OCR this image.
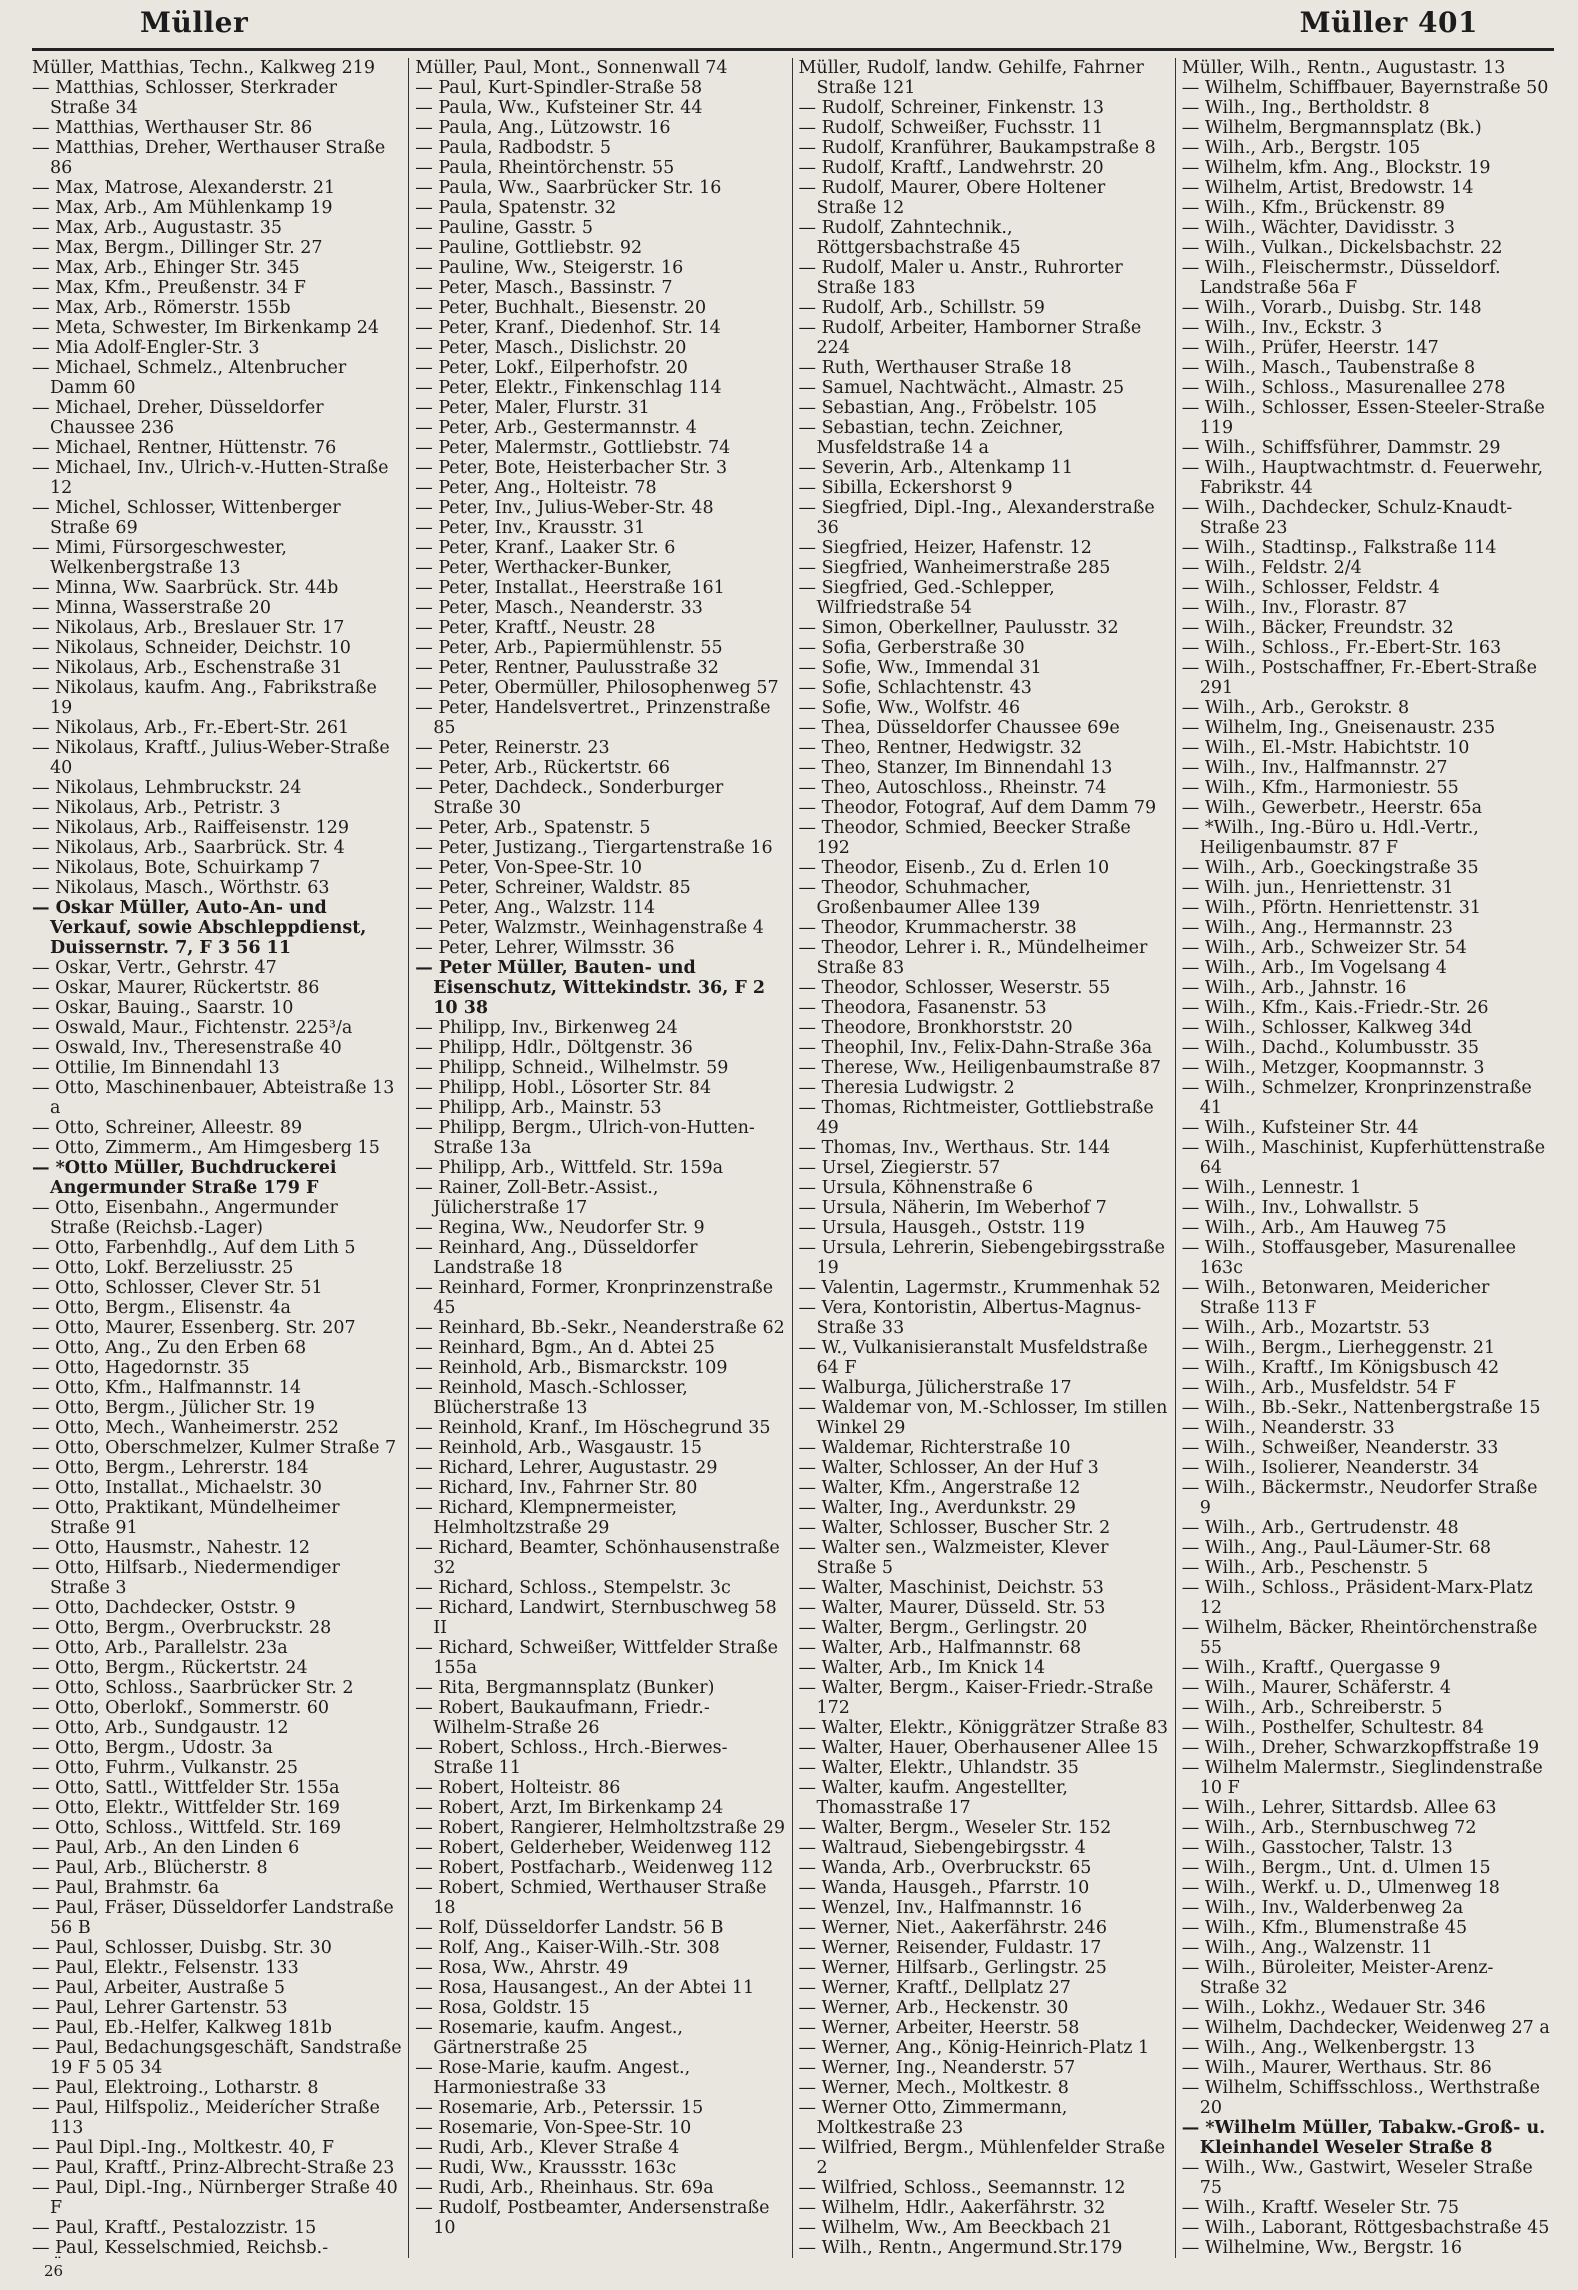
Müller	Müller 401
Müller, Matthias, Techn., Kalkweg 219
— Matthias, Schlosser, Sterkrader Straße 34
— Matthias, Werthauser Str. 86
— Matthias, Dreher, Werthauser Straße 86
— Max, Matrose, Alexanderstr. 21
— Max, Arb., Am Mühlenkamp 19
— Max, Arb., Augustastr. 35
— Max, Bergm., Dillinger Str. 27
— Max, Arb., Ehinger Str. 345
— Max, Kfm., Preußenstr. 34 F
— Max, Arb., Römerstr. 155b
— Meta, Schwester, Im Birkenkamp 24
— Mia Adolf-Engler-Str. 3
— Michael, Schmelz., Altenbrucher Damm 60
— Michael, Dreher, Düsseldorfer Chaussee 236
— Michael, Rentner, Hüttenstr. 76
— Michael, Inv., Ulrich-v.-Hutten-Straße 12
— Michel, Schlosser, Wittenberger Straße 69
— Mimi, Fürsorgeschwester, Welkenbergstraße 13
— Minna, Ww. Saarbrück. Str. 44b
— Minna, Wasserstraße 20
— Nikolaus, Arb., Breslauer Str. 17
— Nikolaus, Schneider, Deichstr. 10
— Nikolaus, Arb., Eschenstraße 31
— Nikolaus, kaufm. Ang., Fabrikstraße 19
— Nikolaus, Arb., Fr.-Ebert-Str. 261
— Nikolaus, Kraftf., Julius-Weber-Straße 40
— Nikolaus, Lehmbruckstr. 24
— Nikolaus, Arb., Petristr. 3
— Nikolaus, Arb., Raiffeisenstr. 129
— Nikolaus, Arb., Saarbrück. Str. 4
— Nikolaus, Bote, Schuirkamp 7
— Nikolaus, Masch., Wörthstr. 63
— Oskar Müller, Auto-An- und Verkauf, sowie Abschleppdienst, Duissernstr. 7, F 3 56 11
— Oskar, Vertr., Gehrstr. 47
— Oskar, Maurer, Rückertstr. 86
— Oskar, Bauing., Saarstr. 10
— Oswald, Maur., Fichtenstr. 225³/a
— Oswald, Inv., Theresenstraße 40
— Ottilie, Im Binnendahl 13
— Otto, Maschinenbauer, Abteistraße 13 a
— Otto, Schreiner, Alleestr. 89
— Otto, Zimmerm., Am Himgesberg 15
— *Otto Müller, Buchdruckerei Angermunder Straße 179 F
— Otto, Eisenbahn., Angermunder Straße (Reichsb.-Lager)
— Otto, Farbenhdlg., Auf dem Lith 5
— Otto, Lokf. Berzeliusstr. 25
— Otto, Schlosser, Clever Str. 51
— Otto, Bergm., Elisenstr. 4a
— Otto, Maurer, Essenberg. Str. 207
— Otto, Ang., Zu den Erben 68
— Otto, Hagedornstr. 35
— Otto, Kfm., Halfmannstr. 14
— Otto, Bergm., Jülicher Str. 19
— Otto, Mech., Wanheimerstr. 252
— Otto, Oberschmelzer, Kulmer Straße 7
— Otto, Bergm., Lehrerstr. 184
— Otto, Installat., Michaelstr. 30
— Otto, Praktikant, Mündelheimer Straße 91
— Otto, Hausmstr., Nahestr. 12
— Otto, Hilfsarb., Niedermendiger Straße 3
— Otto, Dachdecker, Oststr. 9
— Otto, Bergm., Overbruckstr. 28
— Otto, Arb., Parallelstr. 23a
— Otto, Bergm., Rückertstr. 24
— Otto, Schloss., Saarbrücker Str. 2
— Otto, Oberlokf., Sommerstr. 60
— Otto, Arb., Sundgaustr. 12
— Otto, Bergm., Udostr. 3a
— Otto, Fuhrm., Vulkanstr. 25
— Otto, Sattl., Wittfelder Str. 155a
— Otto, Elektr., Wittfelder Str. 169
— Otto, Schloss., Wittfeld. Str. 169
— Paul, Arb., An den Linden 6
— Paul, Arb., Blücherstr. 8
— Paul, Brahmstr. 6a
— Paul, Fräser, Düsseldorfer Landstraße 56 B
— Paul, Schlosser, Duisbg. Str. 30
— Paul, Elektr., Felsenstr. 133
— Paul, Arbeiter, Austraße 5
— Paul, Lehrer Gartenstr. 53
— Paul, Eb.-Helfer, Kalkweg 181b
— Paul, Bedachungsgeschäft, Sandstraße 19 F 5 05 34
— Paul, Elektroing., Lotharstr. 8
— Paul, Hilfspoliz., Meiderícher Straße 113
— Paul Dipl.-Ing., Moltkestr. 40, F
— Paul, Kraftf., Prinz-Albrecht-Straße 23
— Paul, Dipl.-Ing., Nürnberger Straße 40 F
— Paul, Kraftf., Pestalozzistr. 15
— Paul, Kesselschmied, Reichsb.-
Müller, Paul, Mont., Sonnenwall 74
— Paul, Kurt-Spindler-Straße 58
— Paula, Ww., Kufsteiner Str. 44
— Paula, Ang., Lützowstr. 16
— Paula, Radbodstr. 5
— Paula, Rheintörchenstr. 55
— Paula, Ww., Saarbrücker Str. 16
— Paula, Spatenstr. 32
— Pauline, Gasstr. 5
— Pauline, Gottliebstr. 92
— Pauline, Ww., Steigerstr. 16
— Peter, Masch., Bassinstr. 7
— Peter, Buchhalt., Biesenstr. 20
— Peter, Kranf., Diedenhof. Str. 14
— Peter, Masch., Dislichstr. 20
— Peter, Lokf., Eilperhofstr. 20
— Peter, Elektr., Finkenschlag 114
— Peter, Maler, Flurstr. 31
— Peter, Arb., Gestermannstr. 4
— Peter, Malermstr., Gottliebstr. 74
— Peter, Bote, Heisterbacher Str. 3
— Peter, Ang., Holteistr. 78
— Peter, Inv., Julius-Weber-Str. 48
— Peter, Inv., Krausstr. 31
— Peter, Kranf., Laaker Str. 6
— Peter, Werthacker-Bunker,
— Peter, Installat., Heerstraße 161
— Peter, Masch., Neanderstr. 33
— Peter, Kraftf., Neustr. 28
— Peter, Arb., Papiermühlenstr. 55
— Peter, Rentner, Paulusstraße 32
— Peter, Obermüller, Philosophenweg 57
— Peter, Handelsvertret., Prinzenstraße 85
— Peter, Reinerstr. 23
— Peter, Arb., Rückertstr. 66
— Peter, Dachdeck., Sonderburger Straße 30
— Peter, Arb., Spatenstr. 5
— Peter, Justizang., Tiergartenstraße 16
— Peter, Von-Spee-Str. 10
— Peter, Schreiner, Waldstr. 85
— Peter, Ang., Walzstr. 114
— Peter, Walzmstr., Weinhagenstraße 4
— Peter, Lehrer, Wilmsstr. 36
— Peter Müller, Bauten- und Eisenschutz, Wittekindstr. 36, F 2 10 38
— Philipp, Inv., Birkenweg 24
— Philipp, Hdlr., Döltgenstr. 36
— Philipp, Schneid., Wilhelmstr. 59
— Philipp, Hobl., Lösorter Str. 84
— Philipp, Arb., Mainstr. 53
— Philipp, Bergm., Ulrich-von-Hutten-Straße 13a
— Philipp, Arb., Wittfeld. Str. 159a
— Rainer, Zoll-Betr.-Assist., Jülicherstraße 17
— Regina, Ww., Neudorfer Str. 9
— Reinhard, Ang., Düsseldorfer Landstraße 18
— Reinhard, Former, Kronprinzenstraße 45
— Reinhard, Bb.-Sekr., Neanderstraße 62
— Reinhard, Bgm., An d. Abtei 25
— Reinhold, Arb., Bismarckstr. 109
— Reinhold, Masch.-Schlosser, Blücherstraße 13
— Reinhold, Kranf., Im Höschegrund 35
— Reinhold, Arb., Wasgaustr. 15
— Richard, Lehrer, Augustastr. 29
— Richard, Inv., Fahrner Str. 80
— Richard, Klempnermeister, Helmholtzstraße 29
— Richard, Beamter, Schönhausenstraße 32
— Richard, Schloss., Stempelstr. 3c
— Richard, Landwirt, Sternbuschweg 58 II
— Richard, Schweißer, Wittfelder Straße 155a
— Rita, Bergmannsplatz (Bunker)
— Robert, Baukaufmann, Friedr.-Wilhelm-Straße 26
— Robert, Schloss., Hrch.-Bierwes-Straße 11
— Robert, Holteistr. 86
— Robert, Arzt, Im Birkenkamp 24
— Robert, Rangierer, Helmholtzstraße 29
— Robert, Gelderheber, Weidenweg 112
— Robert, Postfacharb., Weidenweg 112
— Robert, Schmied, Werthauser Straße 18
— Rolf, Düsseldorfer Landstr. 56 B
— Rolf, Ang., Kaiser-Wilh.-Str. 308
— Rosa, Ww., Ahrstr. 49
— Rosa, Hausangest., An der Abtei 11
— Rosa, Goldstr. 15
— Rosemarie, kaufm. Angest., Gärtnerstraße 25
— Rose-Marie, kaufm. Angest., Harmoniestraße 33
— Rosemarie, Arb., Peterssir. 15
— Rosemarie, Von-Spee-Str. 10
— Rudi, Arb., Klever Straße 4
— Rudi, Ww., Kraussstr. 163c
— Rudi, Arb., Rheinhaus. Str. 69a
— Rudolf, Postbeamter, Andersenstraße 10
Müller, Rudolf, landw. Gehilfe, Fahrner Straße 121
— Rudolf, Schreiner, Finkenstr. 13
— Rudolf, Schweißer, Fuchsstr. 11
— Rudolf, Kranführer, Baukampstraße 8
— Rudolf, Kraftf., Landwehrstr. 20
— Rudolf, Maurer, Obere Holtener Straße 12
— Rudolf, Zahntechnik., Röttgersbachstraße 45
— Rudolf, Maler u. Anstr., Ruhrorter Straße 183
— Rudolf, Arb., Schillstr. 59
— Rudolf, Arbeiter, Hamborner Straße 224
— Ruth, Werthauser Straße 18
— Samuel, Nachtwächt., Almastr. 25
— Sebastian, Ang., Fröbelstr. 105
— Sebastian, techn. Zeichner, Musfeldstraße 14 a
— Severin, Arb., Altenkamp 11
— Sibilla, Eckershorst 9
— Siegfried, Dipl.-Ing., Alexanderstraße 36
— Siegfried, Heizer, Hafenstr. 12
— Siegfried, Wanheimerstraße 285
— Siegfried, Ged.-Schlepper, Wilfriedstraße 54
— Simon, Oberkellner, Paulusstr. 32
— Sofia, Gerberstraße 30
— Sofie, Ww., Immendal 31
— Sofie, Schlachtenstr. 43
— Sofie, Ww., Wolfstr. 46
— Thea, Düsseldorfer Chaussee 69e
— Theo, Rentner, Hedwigstr. 32
— Theo, Stanzer, Im Binnendahl 13
— Theo, Autoschloss., Rheinstr. 74
— Theodor, Fotograf, Auf dem Damm 79
— Theodor, Schmied, Beecker Straße 192
— Theodor, Eisenb., Zu d. Erlen 10
— Theodor, Schuhmacher, Großenbaumer Allee 139
— Theodor, Krummacherstr. 38
— Theodor, Lehrer i. R., Mündelheimer Straße 83
— Theodor, Schlosser, Weserstr. 55
— Theodora, Fasanenstr. 53
— Theodore, Bronkhorststr. 20
— Theophil, Inv., Felix-Dahn-Straße 36a
— Therese, Ww., Heiligenbaumstraße 87
— Theresia Ludwigstr. 2
— Thomas, Richtmeister, Gottliebstraße 49
— Thomas, Inv., Werthaus. Str. 144
— Ursel, Ziegierstr. 57
— Ursula, Köhnenstraße 6
— Ursula, Näherin, Im Weberhof 7
— Ursula, Hausgeh., Oststr. 119
— Ursula, Lehrerin, Siebengebirgsstraße 19
— Valentin, Lagermstr., Krummenhak 52
— Vera, Kontoristin, Albertus-Magnus-Straße 33
— W., Vulkanisieranstalt Musfeldstraße 64 F
— Walburga, Jülicherstraße 17
— Waldemar von, M.-Schlosser, Im stillen Winkel 29
— Waldemar, Richterstraße 10
— Walter, Schlosser, An der Huf 3
— Walter, Kfm., Angerstraße 12
— Walter, Ing., Averdunkstr. 29
— Walter, Schlosser, Buscher Str. 2
— Walter sen., Walzmeister, Klever Straße 5
— Walter, Maschinist, Deichstr. 53
— Walter, Maurer, Düsseld. Str. 53
— Walter, Bergm., Gerlingstr. 20
— Walter, Arb., Halfmannstr. 68
— Walter, Arb., Im Knick 14
— Walter, Bergm., Kaiser-Friedr.-Straße 172
— Walter, Elektr., Königgrätzer Straße 83
— Walter, Hauer, Oberhausener Allee 15
— Walter, Elektr., Uhlandstr. 35
— Walter, kaufm. Angestellter, Thomasstraße 17
— Walter, Bergm., Weseler Str. 152
— Waltraud, Siebengebirgsstr. 4
— Wanda, Arb., Overbruckstr. 65
— Wanda, Hausgeh., Pfarrstr. 10
— Wenzel, Inv., Halfmannstr. 16
— Werner, Niet., Aakerfährstr. 246
— Werner, Reisender, Fuldastr. 17
— Werner, Hilfsarb., Gerlingstr. 25
— Werner, Kraftf., Dellplatz 27
— Werner, Arb., Heckenstr. 30
— Werner, Arbeiter, Heerstr. 58
— Werner, Ang., König-Heinrich-Platz 1
— Werner, Ing., Neanderstr. 57
— Werner, Mech., Moltkestr. 8
— Werner Otto, Zimmermann, Moltkestraße 23
— Wilfried, Bergm., Mühlenfelder Straße 2
— Wilfried, Schloss., Seemannstr. 12
— Wilhelm, Hdlr., Aakerfährstr. 32
— Wilhelm, Ww., Am Beeckbach 21
— Wilh., Rentn., Angermund.Str.179
Müller, Wilh., Rentn., Augustastr. 13
— Wilhelm, Schiffbauer, Bayernstraße 50
— Wilh., Ing., Bertholdstr. 8
— Wilhelm, Bergmannsplatz (Bk.)
— Wilh., Arb., Bergstr. 105
— Wilhelm, kfm. Ang., Blockstr. 19
— Wilhelm, Artist, Bredowstr. 14
— Wilh., Kfm., Brückenstr. 89
— Wilh., Wächter, Davidisstr. 3
— Wilh., Vulkan., Dickelsbachstr. 22
— Wilh., Fleischermstr., Düsseldorf. Landstraße 56a F
— Wilh., Vorarb., Duisbg. Str. 148
— Wilh., Inv., Eckstr. 3
— Wilh., Prüfer, Heerstr. 147
— Wilh., Masch., Taubenstraße 8
— Wilh., Schloss., Masurenallee 278
— Wilh., Schlosser, Essen-Steeler-Straße 119
— Wilh., Schiffsführer, Dammstr. 29
— Wilh., Hauptwachtmstr. d. Feuerwehr, Fabrikstr. 44
— Wilh., Dachdecker, Schulz-Knaudt-Straße 23
— Wilh., Stadtinsp., Falkstraße 114
— Wilh., Feldstr. 2/4
— Wilh., Schlosser, Feldstr. 4
— Wilh., Inv., Florastr. 87
— Wilh., Bäcker, Freundstr. 32
— Wilh., Schloss., Fr.-Ebert-Str. 163
— Wilh., Postschaffner, Fr.-Ebert-Straße 291
— Wilh., Arb., Gerokstr. 8
— Wilhelm, Ing., Gneisenaustr. 235
— Wilh., El.-Mstr. Habichtstr. 10
— Wilh., Inv., Halfmannstr. 27
— Wilh., Kfm., Harmoniestr. 55
— Wilh., Gewerbetr., Heerstr. 65a
— *Wilh., Ing.-Büro u. Hdl.-Vertr., Heiligenbaumstr. 87 F
— Wilh., Arb., Goeckingstraße 35
— Wilh. jun., Henriettenstr. 31
— Wilh., Pförtn. Henriettenstr. 31
— Wilh., Ang., Hermannstr. 23
— Wilh., Arb., Schweizer Str. 54
— Wilh., Arb., Im Vogelsang 4
— Wilh., Arb., Jahnstr. 16
— Wilh., Kfm., Kais.-Friedr.-Str. 26
— Wilh., Schlosser, Kalkweg 34d
— Wilh., Dachd., Kolumbusstr. 35
— Wilh., Metzger, Koopmannstr. 3
— Wilh., Schmelzer, Kronprinzenstraße 41
— Wilh., Kufsteiner Str. 44
— Wilh., Maschinist, Kupferhüttenstraße 64
— Wilh., Lennestr. 1
— Wilh., Inv., Lohwallstr. 5
— Wilh., Arb., Am Hauweg 75
— Wilh., Stoffausgeber, Masurenallee 163c
— Wilh., Betonwaren, Meidericher Straße 113 F
— Wilh., Arb., Mozartstr. 53
— Wilh., Bergm., Lierheggenstr. 21
— Wilh., Kraftf., Im Königsbusch 42
— Wilh., Arb., Musfeldstr. 54 F
— Wilh., Bb.-Sekr., Nattenbergstraße 15
— Wilh., Neanderstr. 33
— Wilh., Schweißer, Neanderstr. 33
— Wilh., Isolierer, Neanderstr. 34
— Wilh., Bäckermstr., Neudorfer Straße 9
— Wilh., Arb., Gertrudenstr. 48
— Wilh., Ang., Paul-Läumer-Str. 68
— Wilh., Arb., Peschenstr. 5
— Wilh., Schloss., Präsident-Marx-Platz 12
— Wilhelm, Bäcker, Rheintörchenstraße 55
— Wilh., Kraftf., Quergasse 9
— Wilh., Maurer, Schäferstr. 4
— Wilh., Arb., Schreiberstr. 5
— Wilh., Posthelfer, Schultestr. 84
— Wilh., Dreher, Schwarzkopffstraße 19
— Wilhelm Malermstr., Sieglindenstraße 10 F
— Wilh., Lehrer, Sittardsb. Allee 63
— Wilh., Arb., Sternbuschweg 72
— Wilh., Gasstocher, Talstr. 13
— Wilh., Bergm., Unt. d. Ulmen 15
— Wilh., Werkf. u. D., Ulmenweg 18
— Wilh., Inv., Walderbenweg 2a
— Wilh., Kfm., Blumenstraße 45
— Wilh., Ang., Walzenstr. 11
— Wilh., Büroleiter, Meister-Arenz-Straße 32
— Wilh., Lokhz., Wedauer Str. 346
— Wilhelm, Dachdecker, Weidenweg 27 a
— Wilh., Ang., Welkenbergstr. 13
— Wilh., Maurer, Werthaus. Str. 86
— Wilhelm, Schiffsschloss., Werthstraße 20
— *Wilhelm Müller, Tabakw.-Groß- u. Kleinhandel Weseler Straße 8
— Wilh., Ww., Gastwirt, Weseler Straße 75
— Wilh., Kraftf. Weseler Str. 75
— Wilh., Laborant, Röttgesbachstraße 45
— Wilhelmine, Ww., Bergstr. 16
26
